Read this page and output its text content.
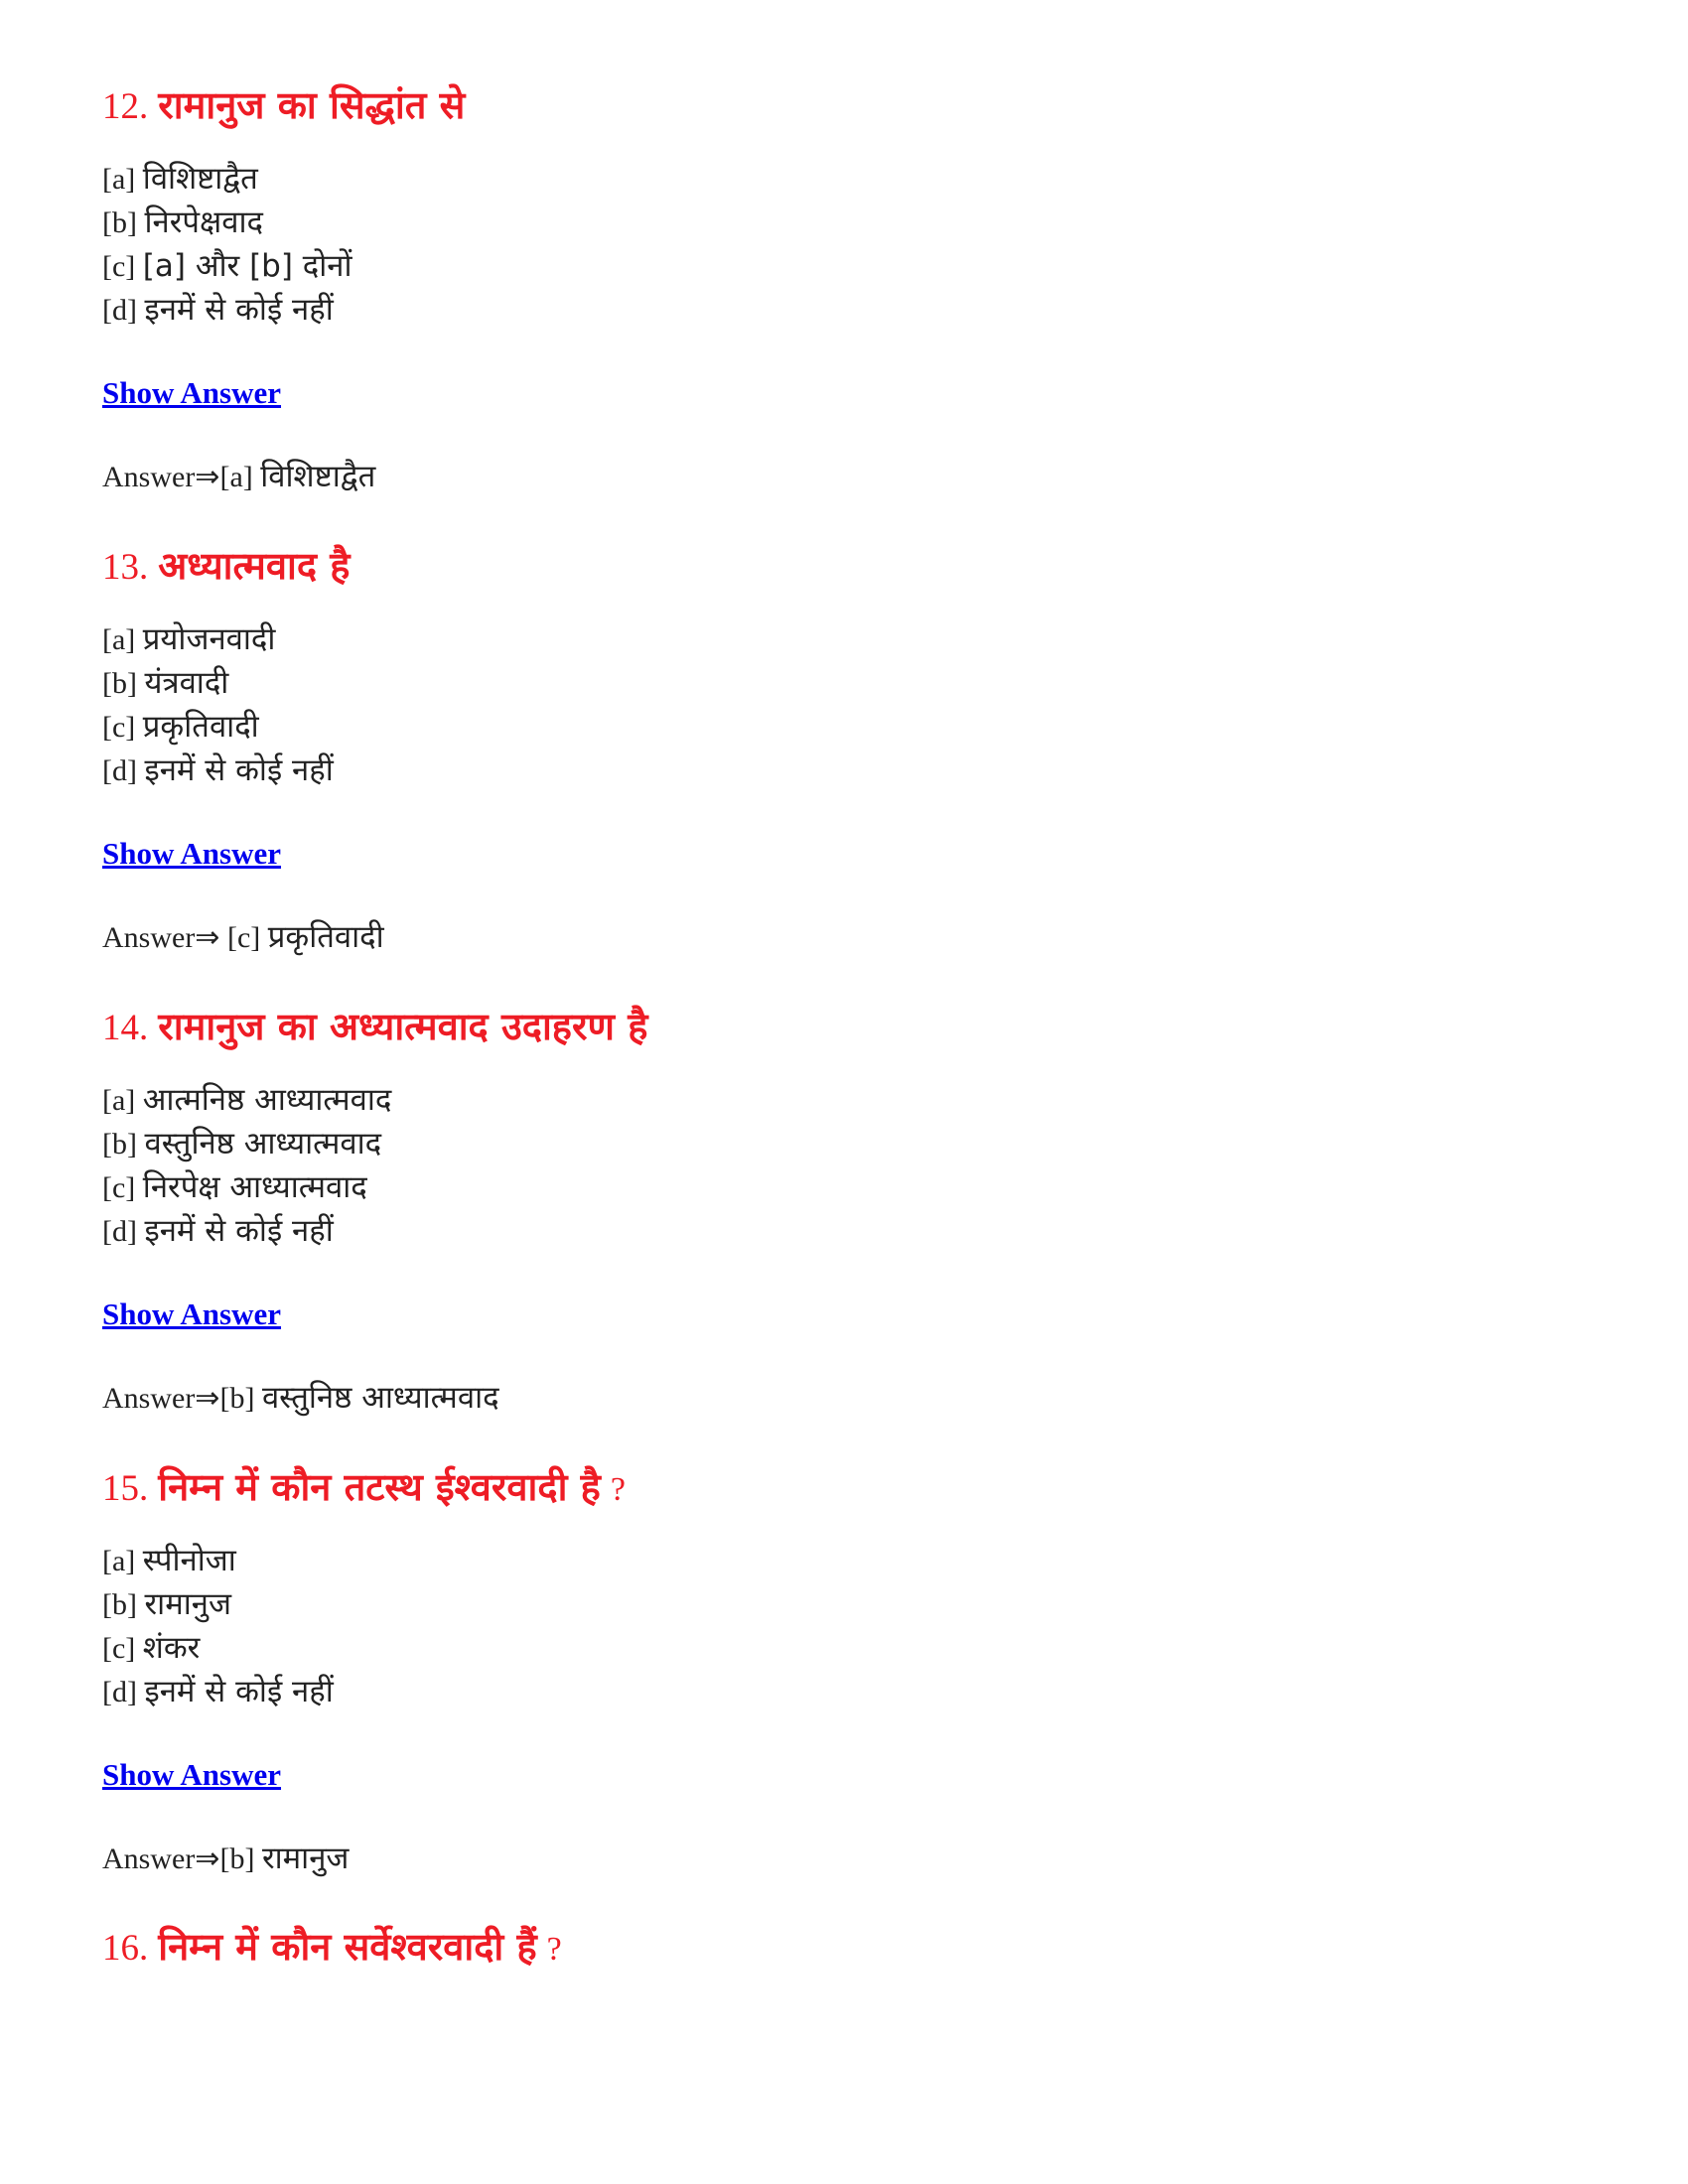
12. रामानुज का सिद्धांत से
[a] विशिष्टाद्वैत
[b] निरपेक्षवाद
[c] [a] और [b] दोनों
[d] इनमें से कोई नहीं
Show Answer
Answer⇒[a] विशिष्टाद्वैत
13. अध्यात्मवाद है
[a] प्रयोजनवादी
[b] यंत्रवादी
[c] प्रकृतिवादी
[d] इनमें से कोई नहीं
Show Answer
Answer⇒ [c] प्रकृतिवादी
14. रामानुज का अध्यात्मवाद उदाहरण है
[a] आत्मनिष्ठ आध्यात्मवाद
[b] वस्तुनिष्ठ आध्यात्मवाद
[c] निरपेक्ष आध्यात्मवाद
[d] इनमें से कोई नहीं
Show Answer
Answer⇒[b] वस्तुनिष्ठ आध्यात्मवाद
15. निम्न में कौन तटस्थ ईश्वरवादी है ?
[a] स्पीनोजा
[b] रामानुज
[c] शंकर
[d] इनमें से कोई नहीं
Show Answer
Answer⇒[b] रामानुज
16. निम्न में कौन सर्वेश्वरवादी हैं ?
